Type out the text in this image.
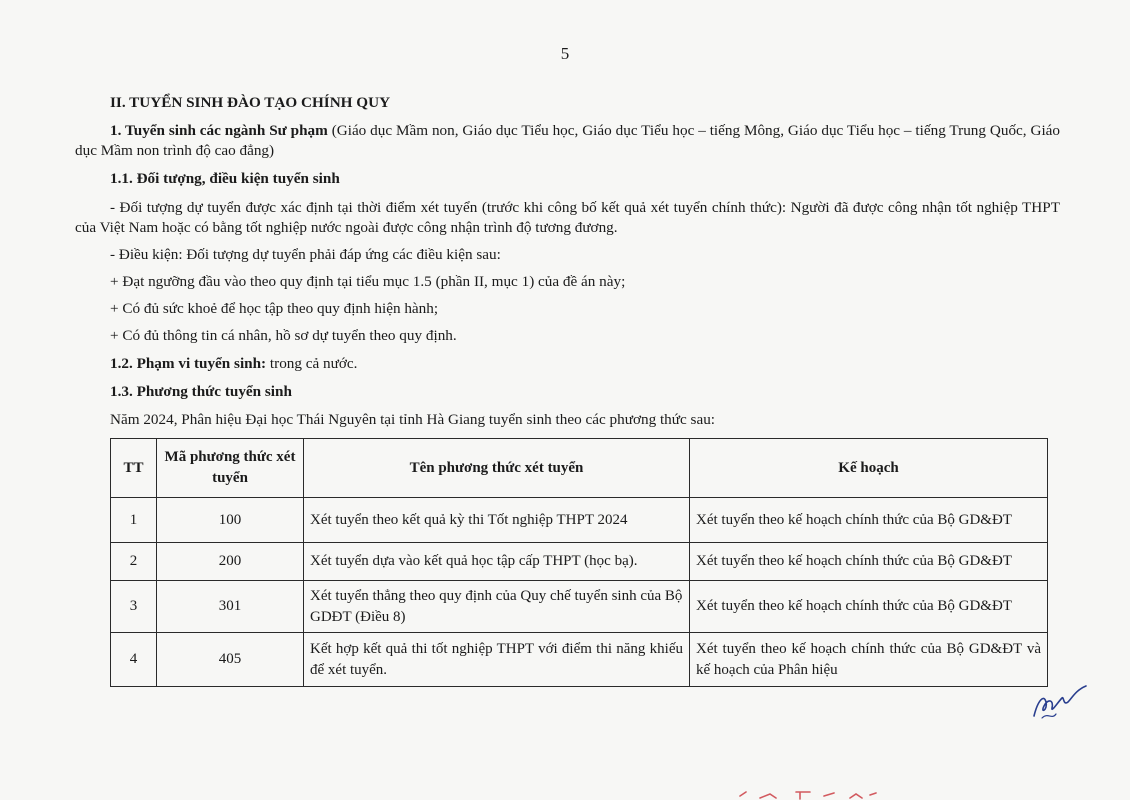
5
II. TUYỂN SINH ĐÀO TẠO CHÍNH QUY
1. Tuyển sinh các ngành Sư phạm (Giáo dục Mầm non, Giáo dục Tiểu học, Giáo dục Tiểu học – tiếng Mông, Giáo dục Tiểu học – tiếng Trung Quốc, Giáo dục Mầm non trình độ cao đẳng)
1.1. Đối tượng, điều kiện tuyển sinh
- Đối tượng dự tuyển được xác định tại thời điểm xét tuyển (trước khi công bố kết quả xét tuyển chính thức): Người đã được công nhận tốt nghiệp THPT của Việt Nam hoặc có bằng tốt nghiệp nước ngoài được công nhận trình độ tương đương.
- Điều kiện: Đối tượng dự tuyển phải đáp ứng các điều kiện sau:
+ Đạt ngưỡng đầu vào theo quy định tại tiểu mục 1.5 (phần II, mục 1) của đề án này;
+ Có đủ sức khoẻ để học tập theo quy định hiện hành;
+ Có đủ thông tin cá nhân, hồ sơ dự tuyển theo quy định.
1.2. Phạm vi tuyển sinh: trong cả nước.
1.3. Phương thức tuyển sinh
Năm 2024, Phân hiệu Đại học Thái Nguyên tại tỉnh Hà Giang tuyển sinh theo các phương thức sau:
TT	Mã phương thức xét tuyển	Tên phương thức xét tuyển	Kế hoạch
1	100	Xét tuyển theo kết quả kỳ thi Tốt nghiệp THPT 2024	Xét tuyển theo kế hoạch chính thức của Bộ GD&ĐT
2	200	Xét tuyển dựa vào kết quả học tập cấp THPT (học bạ).	Xét tuyển theo kế hoạch chính thức của Bộ GD&ĐT
3	301	Xét tuyển thẳng theo quy định của Quy chế tuyển sinh của Bộ GDĐT (Điều 8)	Xét tuyển theo kế hoạch chính thức của Bộ GD&ĐT
4	405	Kết hợp kết quả thi tốt nghiệp THPT với điểm thi năng khiếu để xét tuyển.	Xét tuyển theo kế hoạch chính thức của Bộ GD&ĐT và kế hoạch của Phân hiệu
